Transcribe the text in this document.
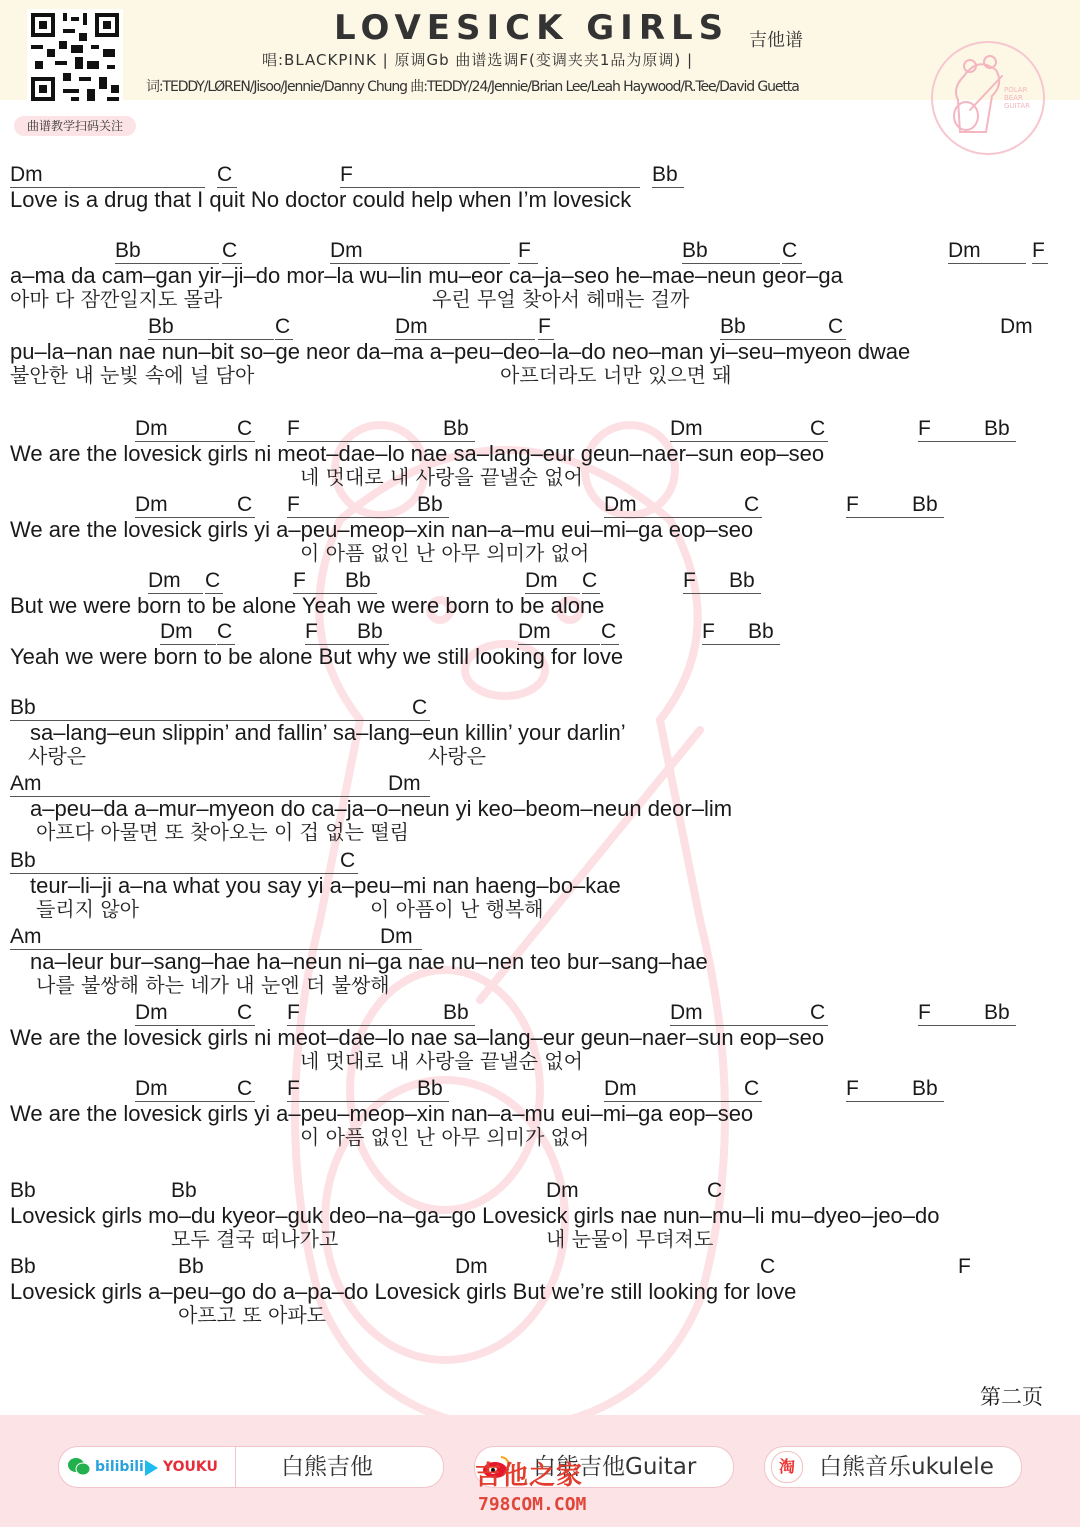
曲谱教学扫码关注
LOVESICK GIRLS 吉他谱
唱:BLACKPINK | 原调Gb 曲谱选调F(变调夹夹1品为原调) |
词:TEDDY/LØREN/Jisoo/Jennie/Danny Chung 曲:TEDDY/24/Jennie/Brian Lee/Leah Haywood/R.Tee/David Guetta	POLAR
BEAR
GUITAR
Dm	C	F	Bb
Bb	C	Dm	F	Bb	C	Dm	F
Bb	C	Dm	F	Bb	C	Dm
Dm	C F	Bb	Dm	C	F	Bb
Dm	C F	Bb	Dm	C	F	Bb
Dm	C	F	Bb	Dm	C	F	Bb
Dm	C	F	Bb	Dm	C	F	Bb
Bb	C
Am	Dm
Bb	C
Am	Dm
Dm	C F	Bb	Dm	C	F	Bb
Dm	C F	Bb	Dm	C	F	Bb
Bb	Bb	Dm	C
Bb	Bb	Dm	C	F
Love is a drug that I quit No doctor could help when I’m lovesick
a–ma da cam–gan yir–ji–do mor–la wu–lin mu–eor ca–ja–seo he–mae–neun geor–ga
pu–la–nan nae nun–bit so–ge neor da–ma a–peu–deo–la–do neo–man yi–seu–myeon dwae
We are the lovesick girls ni meot–dae–lo nae sa–lang–eur geun–naer–sun eop–seo
We are the lovesick girls yi a–peu–meop–xin nan–a–mu eui–mi–ga eop–seo
But we were born to be alone Yeah we were born to be alone
Yeah we were born to be alone But why we still looking for love
sa–lang–eun slippin’ and fallin’ sa–lang–eun killin’ your darlin’
a–peu–da a–mur–myeon do ca–ja–o–neun yi keo–beom–neun deor–lim
teur–li–ji a–na what you say yi a–peu–mi nan haeng–bo–kae
na–leur bur–sang–hae ha–neun ni–ga nae nu–nen teo bur–sang–hae
We are the lovesick girls ni meot–dae–lo nae sa–lang–eur geun–naer–sun eop–seo
We are the lovesick girls yi a–peu–meop–xin nan–a–mu eui–mi–ga eop–seo
Lovesick girls mo–du kyeor–guk deo–na–ga–go Lovesick girls nae nun–mu–li mu–dyeo–jeo–do
Lovesick girls a–peu–go do a–pa–do Lovesick girls But we’re still looking for love
아마 다 잠깐일지도 몰라	우린 무얼 찾아서 헤매는 걸까
불안한 내 눈빛 속에 널 담아	아프더라도 너만 있으면 돼
네 멋대로 내 사랑을 끝낼순 없어
이 아픔 없인 난 아무 의미가 없어
사랑은	사랑은
아프다 아물면 또 찾아오는 이 겁 없는 떨림
들리지 않아	이 아픔이 난 행복해
나를 불쌍해 하는 네가 내 눈엔 더 불쌍해
네 멋대로 내 사랑을 끝낼순 없어
이 아픔 없인 난 아무 의미가 없어
모두 결국 떠나가고	내 눈물이 무뎌져도
아프고 또 아파도
第二页
bilibili YOUKU	白熊吉他	白熊吉他Guitar	淘	白熊音乐ukulele
吉他之家
798COM.COM
